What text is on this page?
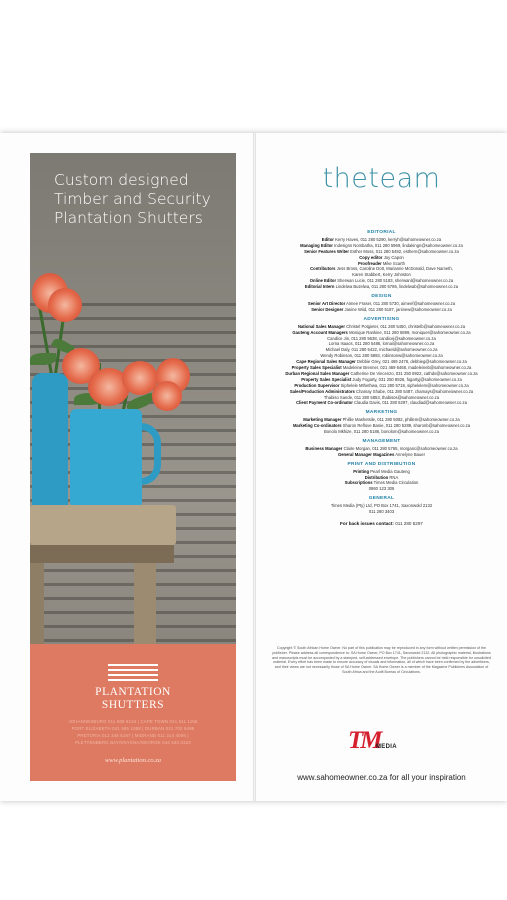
Custom designed
Timber and Security
Plantation Shutters
PLANTATION
SHUTTERS
JOHANNESBURG 011 608 6124 | CAPE TOWN 021 511 1156
PORT ELIZABETH 041 585 1088 | DURBAN 031 702 9495
PRETORIA 012 348 5187 | MIDRAND 011 314 4006 |
PLETTENBERG BAY/KNYSNA/GEORGE 044 533 0323
www.plantation.co.za
theteam
EDITORIAL
Editor Kerry Haves, 011 280 5290, kerryh@sahomeowner.co.za
Managing Editor Indesigns Nombatha, 011 280 5969, lindakingn@sahomeowner.co.za
Senior Features Writer Esther Moss, 011 280 5492, esthern@sahomeowner.co.za
Copy editor Joy Capon
Proofreader Mike Scarth
Contributors Jess Bross, Caroline Dott, Marianne McDonald, Dave Nameth,
Karen Stabbert, Kerry Johnston
Online Editor Sherwan Lucie, 011 280 5183, sherwanl@sahomeowner.co.za
Editorial Intern Lindelwa Buzelwa, 011 280 5786, lindelwab@sahomeowner.co.za
DESIGN
Senior Art Director Aimee Fraser, 011 280 5730, aimeef@sahomeowner.co.za
Senior Designer Janine Wiid, 011 280 5187, janinew@sahomeowner.co.za
ADVERTISING
National Sales Manager Christel Potgieter, 011 280 5450, christelb@sahomeowner.co.za
Gauteng Account Managers Monique Rankine, 011 280 5899, moniquer@sahomeowner.co.za
Candice Jin, 011 280 5638, candicej@sahomeowner.co.za
Lorna Isaacs, 011 280 5486, lornai@sahomeowner.co.za
Michael Daly, 011 280 5422, michaeld@sahomeowner.co.za
Wendy Robinson, 011 280 5893, robinsonw@sahomeowner.co.za
Cape Regional Sales Manager Debbie Grey, 021 469 2476, debbieg@sahomeowner.co.za
Property Sales Specialist Madeleine Brenner, 021 469 6468, madeleineb@sahomeowner.co.za
Durban Regional Sales Manager Catherine De Vincenzo, 031 250 8922, cathdv@sahomeowner.co.za
Property Sales Specialist Judy Fogarty, 031 250 8926, fogartyj@sahomeowner.co.za
Production Supervisor Siphelele Mthethwa, 011 280 5718, siphelelem@sahomeowner.co.za
Sales/Production Administrators Chamay Shabe, 011 280 5487, chamays@sahomeowner.co.za
Thabiso Sande, 011 280 5853, thabisos@sahomeowner.co.za
Client Payment Co-ordinator Claudia Davis, 011 280 5297, claudiad@sahomeowner.co.za
MARKETING
Marketing Manager Phillie Mashetsile, 011 280 5082, phillem@sahomeowner.co.za
Marketing Co-ordinators Sharon Reflove Banie, 011 280 5289, sharonb@sahomeowner.co.za
Bonolo Mkhize, 011 280 5186, bonolom@sahomeowner.co.za
MANAGEMENT
Business Manager Claire Morgan, 011 280 5765, morganc@sahomeowner.co.za
General Manager Magazines Annelyne Bauer
PRINT AND DISTRIBUTION
Printing Pearl Media Gauteng
Distribution RNA
Subscriptions Times Media Circulation
0860 123 306
GENERAL
Times Media (Pty) Ltd, PO Box 1741, Saxonwold 2132
011 280 3403
For back issues contact: 011 280 5297
Copyright © South African Home Owner. No part of this publication may be reproduced in any form without written permission of the publisher. Please address all correspondence to: SA Home Owner, PO Box 1741, Saxonwold 2132. All photographic material, illustrations and manuscripts must be accompanied by a stamped, self-addressed envelope. The publishers cannot be held responsible for unsolicited material. Every effort has been made to ensure accuracy of visuals and information, all of which have been confirmed by the advertisers, and their views are not necessarily those of SA Home Owner. SA Home Owner is a member of the Magazine Publishers Association of South Africa and the Audit Bureau of Circulations.
TM
MEDIA
www.sahomeowner.co.za for all your inspiration
